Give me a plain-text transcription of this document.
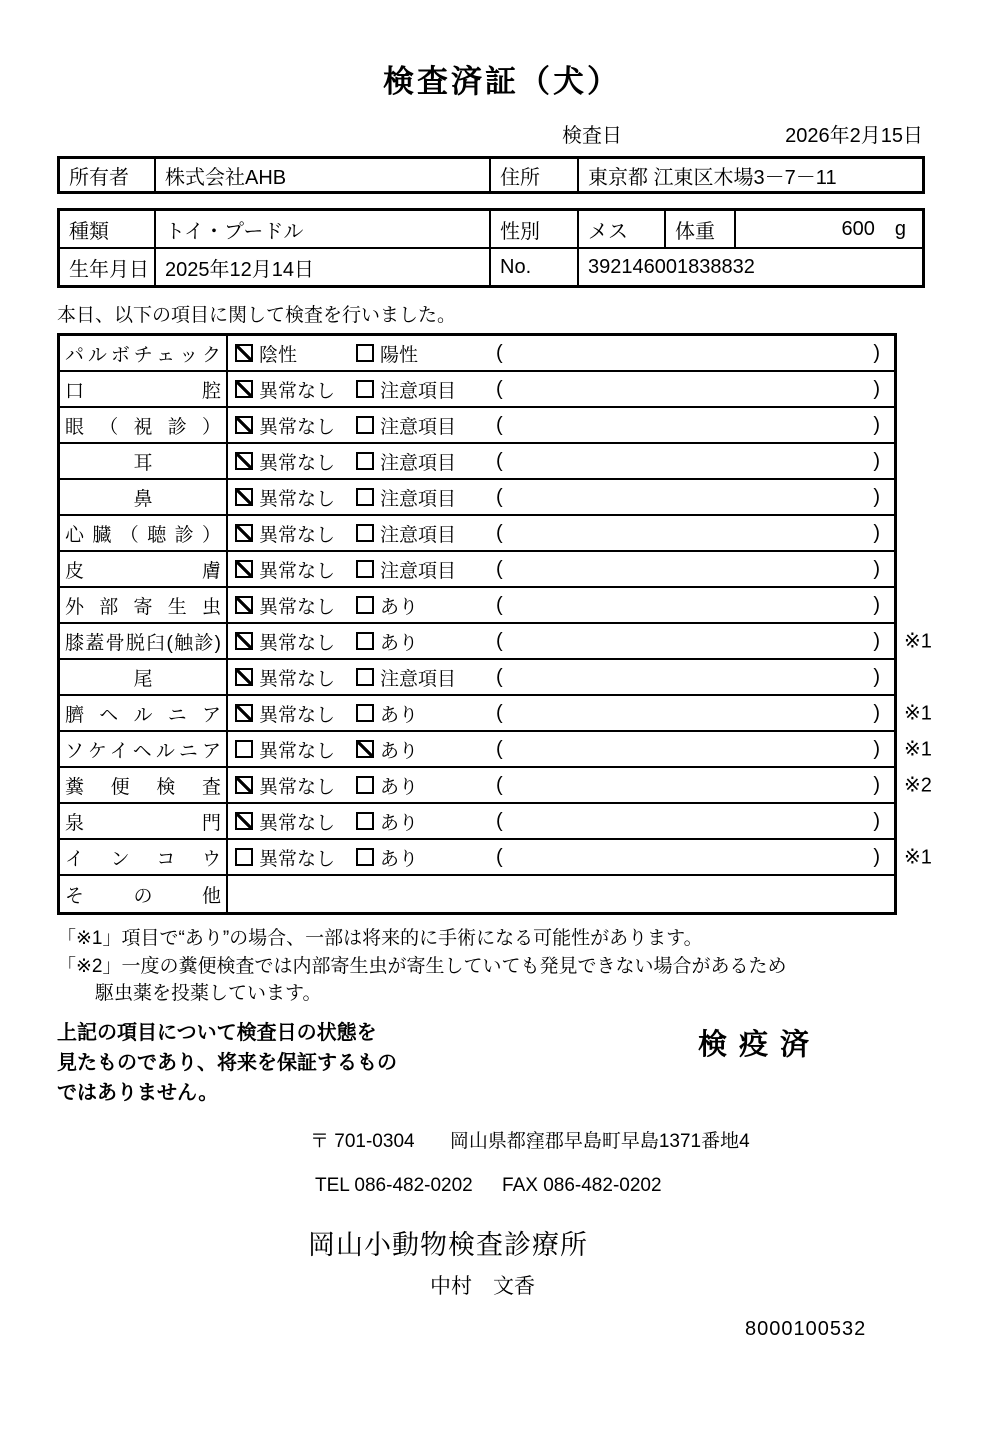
検査済証（犬）
検査日	2026年2月15日
所有者	株式会社AHB	住所	東京都 江東区木場3－7－11
種類	トイ・プードル	性別	メス	体重	600 g
生年月日 2025年12月14日	No.	392146001838832
本日、以下の項目に関して検査を行いました。
パルボチェック 陰性	陽性	(	)
口腔 異常なし 注意項目 (	)
眼（視診） 異常なし 注意項目 (	)
耳	異常なし 注意項目 (	)
鼻	異常なし 注意項目 (	)
心臓（聴診） 異常なし 注意項目 (	)
皮膚 異常なし 注意項目 (	)
外部寄生虫 異常なし あり	(	)
膝蓋骨脱臼(触診) 異常なし あり	(	) ※1
尾	異常なし 注意項目 (	)
臍ヘルニア 異常なし あり	(	) ※1
ソケイヘルニア 異常なし あり	(	) ※1
糞便検査 異常なし あり	(	) ※2
泉門 異常なし あり	(	)
インコウ 異常なし あり	(	) ※1
その他
「※1」項目で“あり”の場合、一部は将来的に手術になる可能性があります。
「※2」一度の糞便検査では内部寄生虫が寄生していても発見できない場合があるため
駆虫薬を投薬しています。
上記の項目について検査日の状態を
見たものであり、将来を保証するもの
ではありません。
検疫済
〒 701-0304 岡山県都窪郡早島町早島1371番地4
TEL 086-482-0202 FAX 086-482-0202
岡山小動物検査診療所
中村　文香
8000100532
